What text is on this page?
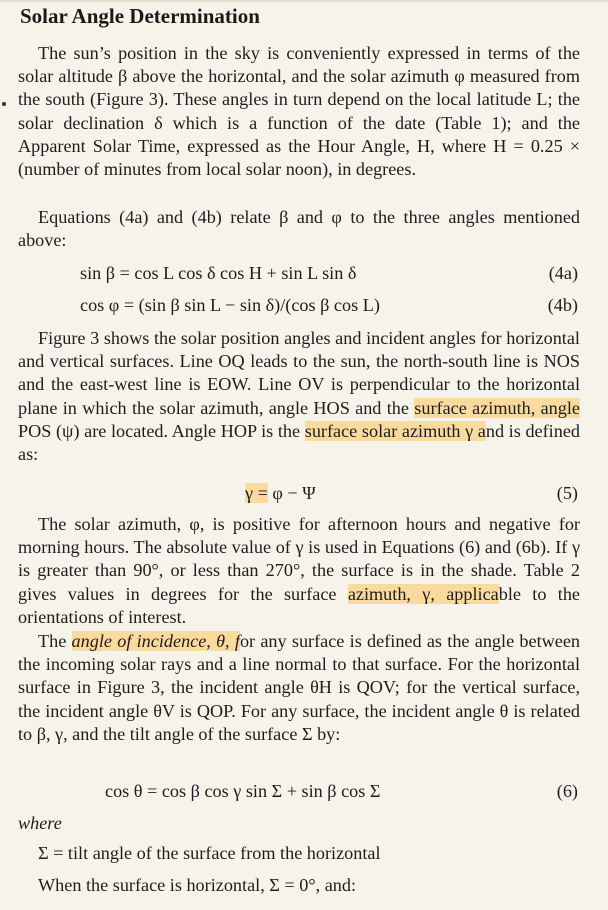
Solar Angle Determination
The sun’s position in the sky is conveniently expressed in terms of the solar altitude β above the horizontal, and the solar azimuth φ measured from the south (Figure 3). These angles in turn depend on the local latitude L; the solar declination δ which is a function of the date (Table 1); and the Apparent Solar Time, expressed as the Hour Angle, H, where H = 0.25 × (number of minutes from local solar noon), in degrees.
Equations (4a) and (4b) relate β and φ to the three angles mentioned above:
sin β = cos L cos δ cos H + sin L sin δ	(4a)
cos φ = (sin β sin L − sin δ)/(cos β cos L)	(4b)
Figure 3 shows the solar position angles and incident angles for horizontal and vertical surfaces. Line OQ leads to the sun, the north-south line is NOS and the east-west line is EOW. Line OV is perpendicular to the horizontal plane in which the solar azimuth, angle HOS and the surface azimuth, angle POS (ψ) are located. Angle HOP is the surface solar azimuth γ and is defined as:
γ = φ − Ψ	(5)
The solar azimuth, φ, is positive for afternoon hours and negative for morning hours. The absolute value of γ is used in Equations (6) and (6b). If γ is greater than 90°, or less than 270°, the surface is in the shade. Table 2 gives values in degrees for the surface azimuth, γ, applicable to the orientations of interest.
The angle of incidence, θ, for any surface is defined as the angle between the incoming solar rays and a line normal to that surface. For the horizontal surface in Figure 3, the incident angle θH is QOV; for the vertical surface, the incident angle θV is QOP. For any surface, the incident angle θ is related to β, γ, and the tilt angle of the surface Σ by:
cos θ = cos β cos γ sin Σ + sin β cos Σ	(6)
where
Σ = tilt angle of the surface from the horizontal
When the surface is horizontal, Σ = 0°, and:
